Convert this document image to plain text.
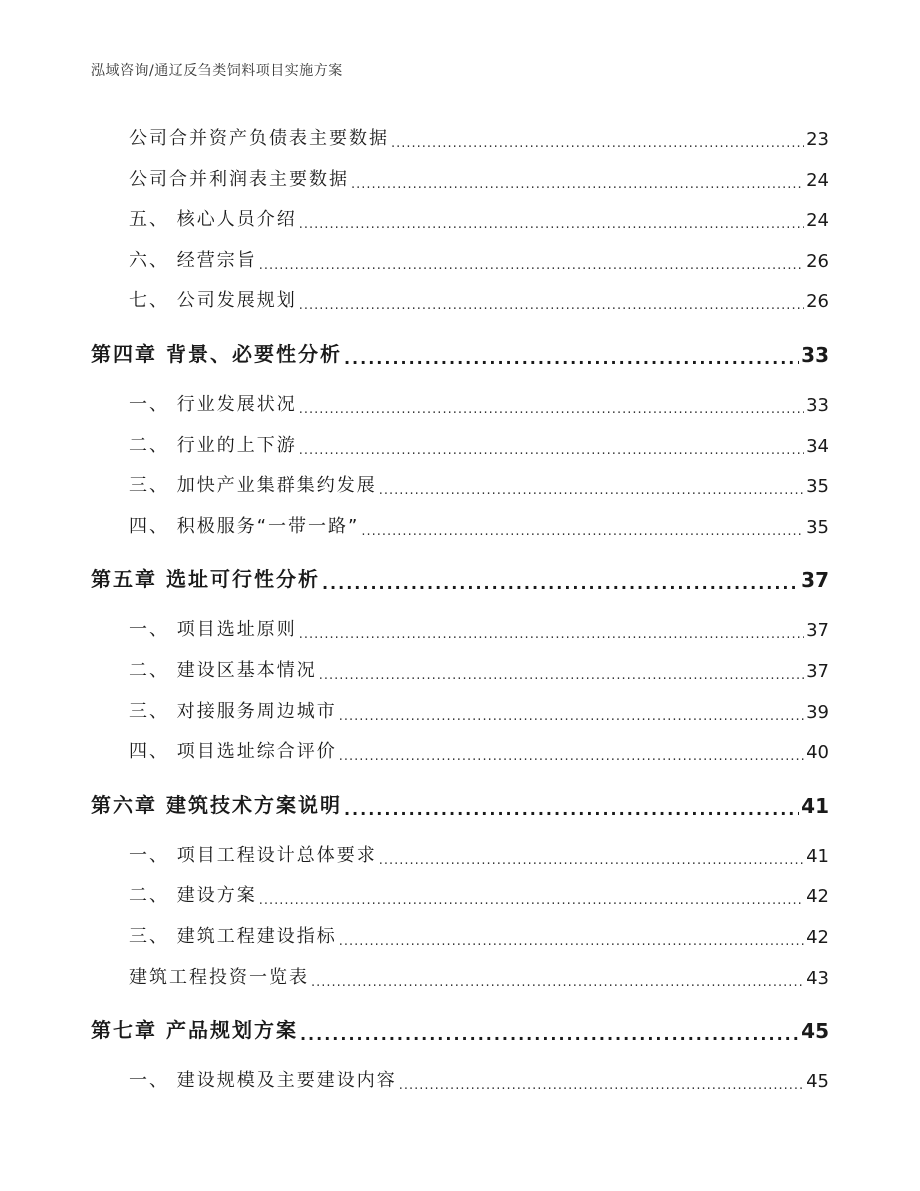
泓域咨询/通辽反刍类饲料项目实施方案
公司合并资产负债表主要数据 .....	23
公司合并利润表主要数据 .....	24
五、 核心人员介绍 .....	24
六、 经营宗旨 .....	26
七、 公司发展规划 .....	26
第四章 背景、必要性分析 .....	33
一、 行业发展状况 .....	33
二、 行业的上下游 .....	34
三、 加快产业集群集约发展 .....	35
四、 积极服务“一带一路” .....	35
第五章 选址可行性分析 .....	37
一、 项目选址原则 .....	37
二、 建设区基本情况 .....	37
三、 对接服务周边城市 .....	39
四、 项目选址综合评价 .....	40
第六章 建筑技术方案说明 .....	41
一、 项目工程设计总体要求 .....	41
二、 建设方案 .....	42
三、 建筑工程建设指标 .....	42
建筑工程投资一览表 .....	43
第七章 产品规划方案 .....	45
一、 建设规模及主要建设内容 .....	45
